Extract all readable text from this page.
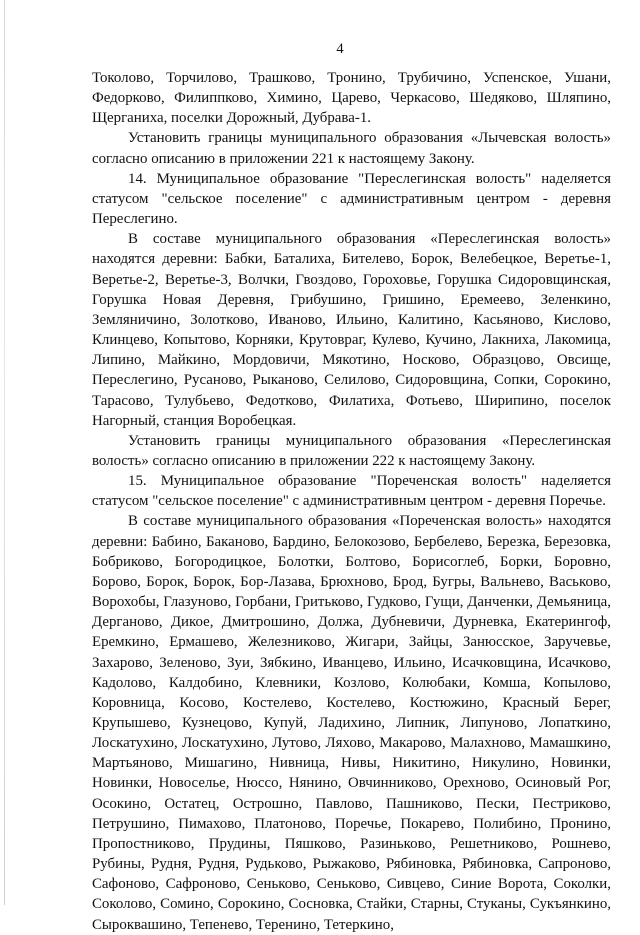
4

Токолово, Торчилово, Трашково, Тронино, Трубичино, Успенское, Ушани, Федорково, Филиппково, Химино, Царево, Черкасово, Шедяково, Шляпино, Щерганиха, поселки Дорожный, Дубрава-1.

Установить границы муниципального образования «Лычевская волость» согласно описанию в приложении 221 к настоящему Закону.

14. Муниципальное образование "Переслегинская волость" наделяется статусом "сельское поселение" с административным центром - деревня Переслегино.

В составе муниципального образования «Переслегинская волость» находятся деревни: Бабки, Баталиха, Бителево, Борок, Велебецкое, Веретье-1, Веретье-2, Веретье-3, Волчки, Гвоздово, Гороховье, Горушка Сидоровщинская, Горушка Новая Деревня, Грибушино, Гришино, Еремеево, Зеленкино, Земляничино, Золотково, Иваново, Ильино, Калитино, Касьяново, Кислово, Клинцево, Копытово, Корняки, Крутовраг, Кулево, Кучино, Лакниха, Лакомица, Липино, Майкино, Мордовичи, Мякотино, Носково, Образцово, Овсище, Переслегино, Русаново, Рыканово, Селилово, Сидоровщина, Сопки, Сорокино, Тарасово, Тулубьево, Федотково, Филатиха, Фотьево, Ширипино, поселок Нагорный, станция Воробецкая.

Установить границы муниципального образования «Переслегинская волость» согласно описанию в приложении 222 к настоящему Закону.

15. Муниципальное образование "Пореченская волость" наделяется статусом "сельское поселение" с административным центром - деревня Поречье.

В составе муниципального образования «Пореченская волость» находятся деревни: Бабино, Баканово, Бардино, Белокозово, Бербелево, Березка, Березовка, Бобриково, Богородицкое, Болотки, Болтово, Борисоглеб, Борки, Боровно, Борово, Борок, Борок, Бор-Лазава, Брюхново, Брод, Бугры, Вальнево, Васьково, Ворохобы, Глазуново, Горбани, Гритьково, Гудково, Гущи, Данченки, Демьяница, Дерганово, Дикое, Дмитрошино, Должа, Дубневичи, Дурневка, Екатерингоф, Еремкино, Ермашево, Железниково, Жигари, Зайцы, Занюсское, Заручевье, Захарово, Зеленово, Зуи, Зябкино, Иванцево, Ильино, Исачковщина, Исачково, Кадолово, Калдобино, Клевники, Козлово, Колюбаки, Комша, Копылово, Коровница, Косово, Костелево, Костелево, Костюжино, Красный Берег, Крупышево, Кузнецово, Купуй, Ладихино, Липник, Липуново, Лопаткино, Лоскатухино, Лоскатухино, Лутово, Ляхово, Макарово, Малахново, Мамашкино, Мартьяново, Мишагино, Нивница, Нивы, Никитино, Никулино, Новинки, Новинки, Новоселье, Нюссо, Нянино, Овчинниково, Орехново, Осиновый Рог, Осокино, Остатец, Острошно, Павлово, Пашниково, Пески, Пестриково, Петрушино, Пимахово, Платоново, Поречье, Покарево, Полибино, Пронино, Пропостниково, Прудины, Пяшково, Разиньково, Решетниково, Рошнево, Рубины, Рудня, Рудня, Рудьково, Рыжаково, Рябиновка, Рябиновка, Сапроново, Сафоново, Сафроново, Сеньково, Сеньково, Сивцево, Синие Ворота, Соколки, Соколово, Сомино, Сорокино, Сосновка, Стайки, Старны, Стуканы, Сукъянкино, Сыроквашино, Тепенево, Теренино, Тетеркино,
